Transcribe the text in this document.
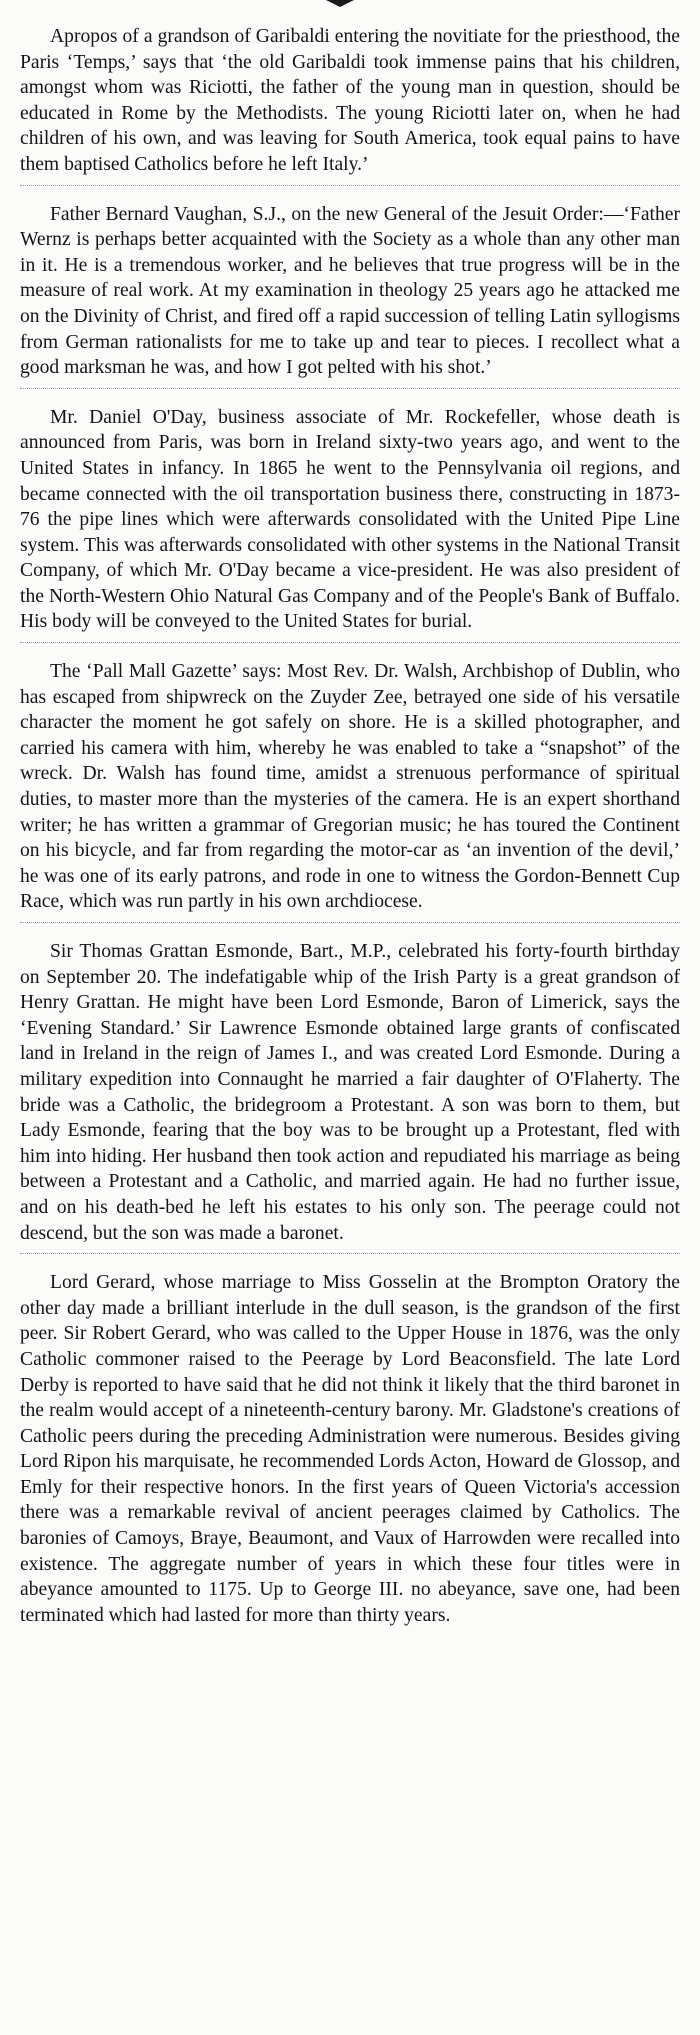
Apropos of a grandson of Garibaldi entering the novitiate for the priesthood, the Paris ‘Temps,’ says that ‘the old Garibaldi took immense pains that his children, amongst whom was Riciotti, the father of the young man in question, should be educated in Rome by the Methodists. The young Riciotti later on, when he had children of his own, and was leaving for South America, took equal pains to have them baptised Catholics before he left Italy.’

Father Bernard Vaughan, S.J., on the new General of the Jesuit Order:—‘Father Wernz is perhaps better acquainted with the Society as a whole than any other man in it. He is a tremendous worker, and he believes that true progress will be in the measure of real work. At my examination in theology 25 years ago he attacked me on the Divinity of Christ, and fired off a rapid succession of telling Latin syllogisms from German rationalists for me to take up and tear to pieces. I recollect what a good marksman he was, and how I got pelted with his shot.’

Mr. Daniel O'Day, business associate of Mr. Rockefeller, whose death is announced from Paris, was born in Ireland sixty-two years ago, and went to the United States in infancy. In 1865 he went to the Pennsylvania oil regions, and became connected with the oil transportation business there, constructing in 1873-76 the pipe lines which were afterwards consolidated with the United Pipe Line system. This was afterwards consolidated with other systems in the National Transit Company, of which Mr. O'Day became a vice-president. He was also president of the North-Western Ohio Natural Gas Company and of the People's Bank of Buffalo. His body will be conveyed to the United States for burial.

The ‘Pall Mall Gazette’ says: Most Rev. Dr. Walsh, Archbishop of Dublin, who has escaped from shipwreck on the Zuyder Zee, betrayed one side of his versatile character the moment he got safely on shore. He is a skilled photographer, and carried his camera with him, whereby he was enabled to take a “snapshot” of the wreck. Dr. Walsh has found time, amidst a strenuous performance of spiritual duties, to master more than the mysteries of the camera. He is an expert shorthand writer; he has written a grammar of Gregorian music; he has toured the Continent on his bicycle, and far from regarding the motor-car as ‘an invention of the devil,’ he was one of its early patrons, and rode in one to witness the Gordon-Bennett Cup Race, which was run partly in his own archdiocese.

Sir Thomas Grattan Esmonde, Bart., M.P., celebrated his forty-fourth birthday on September 20. The indefatigable whip of the Irish Party is a great grandson of Henry Grattan. He might have been Lord Esmonde, Baron of Limerick, says the ‘Evening Standard.’ Sir Lawrence Esmonde obtained large grants of confiscated land in Ireland in the reign of James I., and was created Lord Esmonde. During a military expedition into Connaught he married a fair daughter of O'Flaherty. The bride was a Catholic, the bridegroom a Protestant. A son was born to them, but Lady Esmonde, fearing that the boy was to be brought up a Protestant, fled with him into hiding. Her husband then took action and repudiated his marriage as being between a Protestant and a Catholic, and married again. He had no further issue, and on his death-bed he left his estates to his only son. The peerage could not descend, but the son was made a baronet.

Lord Gerard, whose marriage to Miss Gosselin at the Brompton Oratory the other day made a brilliant interlude in the dull season, is the grandson of the first peer. Sir Robert Gerard, who was called to the Upper House in 1876, was the only Catholic commoner raised to the Peerage by Lord Beaconsfield. The late Lord Derby is reported to have said that he did not think it likely that the third baronet in the realm would accept of a nineteenth-century barony. Mr. Gladstone's creations of Catholic peers during the preceding Administration were numerous. Besides giving Lord Ripon his marquisate, he recommended Lords Acton, Howard de Glossop, and Emly for their respective honors. In the first years of Queen Victoria's accession there was a remarkable revival of ancient peerages claimed by Catholics. The baronies of Camoys, Braye, Beaumont, and Vaux of Harrowden were recalled into existence. The aggregate number of years in which these four titles were in abeyance amounted to 1175. Up to George III. no abeyance, save one, had been terminated which had lasted for more than thirty years.
